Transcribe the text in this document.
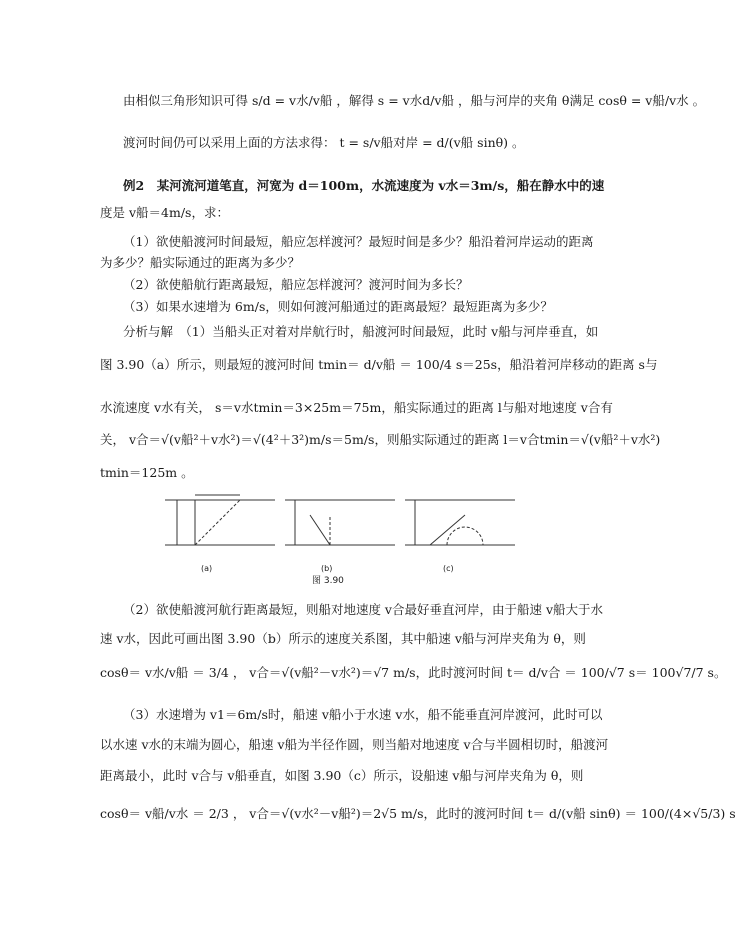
由相似三角形知识可得 s/d = v水/v船 ，解得 s = v水d/v船 ，船与河岸的夹角 θ满足 cosθ = v船/v水 。
渡河时间仍可以采用上面的方法求得： t = s/v船对岸 = d/(v船 sinθ) 。
例2　某河流河道笔直，河宽为 d＝100m，水流速度为 v水＝3m/s，船在静水中的速
度是 v船＝4m/s，求：
（1）欲使船渡河时间最短，船应怎样渡河？最短时间是多少？船沿着河岸运动的距离
为多少？船实际通过的距离为多少？
（2）欲使船航行距离最短，船应怎样渡河？渡河时间为多长？
（3）如果水速增为 6m/s，则如何渡河船通过的距离最短？最短距离为多少？
分析与解　（1）当船头正对着对岸航行时，船渡河时间最短，此时 v船与河岸垂直，如
图 3.90（a）所示，则最短的渡河时间 tmin＝ d/v船 ＝ 100/4 s＝25s，船沿着河岸移动的距离 s与
水流速度 v水有关， s＝v水tmin＝3×25m＝75m，船实际通过的距离 l与船对地速度 v合有
关， v合＝√(v船²＋v水²)＝√(4²＋3²)m/s＝5m/s，则船实际通过的距离 l＝v合tmin＝√(v船²＋v水²)
tmin＝125m 。
(a)	(b)	(c)
图 3.90
（2）欲使船渡河航行距离最短，则船对地速度 v合最好垂直河岸，由于船速 v船大于水
速 v水，因此可画出图 3.90（b）所示的速度关系图，其中船速 v船与河岸夹角为 θ，则
cosθ＝ v水/v船 ＝ 3/4 ， v合＝√(v船²－v水²)＝√7 m/s，此时渡河时间 t＝ d/v合 ＝ 100/√7 s＝ 100√7/7 s。
（3）水速增为 v1＝6m/s时，船速 v船小于水速 v水，船不能垂直河岸渡河，此时可以
以水速 v水的末端为圆心，船速 v船为半径作圆，则当船对地速度 v合与半圆相切时，船渡河
距离最小，此时 v合与 v船垂直，如图 3.90（c）所示，设船速 v船与河岸夹角为 θ，则
cosθ＝ v船/v水 ＝ 2/3 ， v合＝√(v水²－v船²)＝2√5 m/s，此时的渡河时间 t＝ d/(v船 sinθ) ＝ 100/(4×√5/3) s
